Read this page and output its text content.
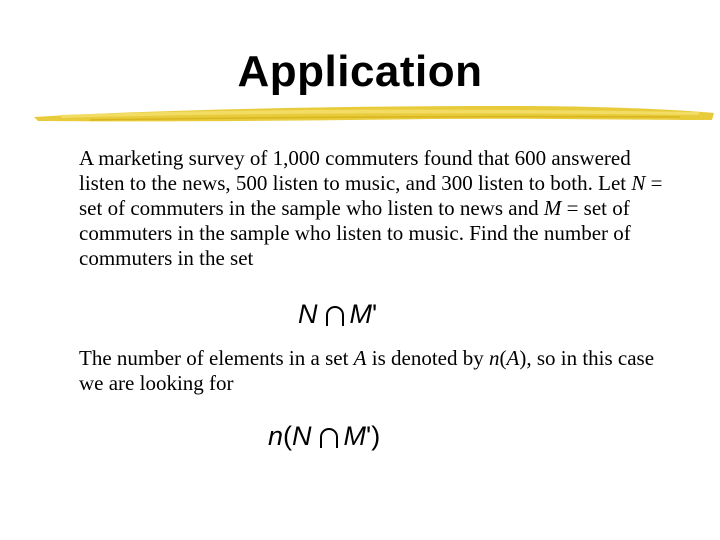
Application

A marketing survey of 1,000 commuters found that 600 answered listen to the news, 500 listen to music, and 300 listen to both. Let N = set of commuters in the sample who listen to news and M = set of commuters in the sample who listen to music. Find the number of commuters in the set

N M'

The number of elements in a set A is denoted by n(A), so in this case we are looking for

n(N M')
